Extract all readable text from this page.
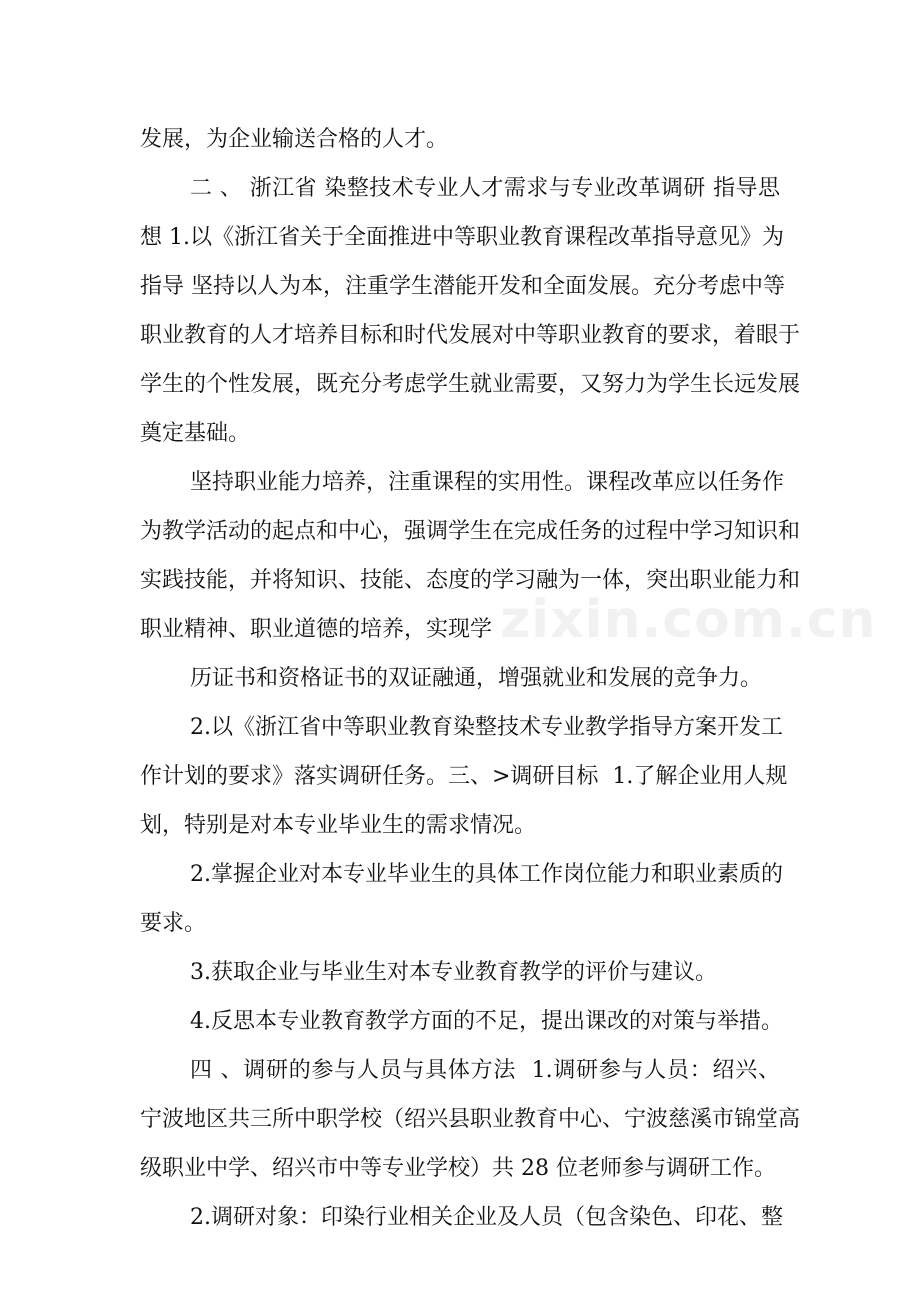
zixin.com.cn
发展，为企业输送合格的人才。
二 、 浙江省 染整技术专业人才需求与专业改革调研 指导思
想 1.以《浙江省关于全面推进中等职业教育课程改革指导意见》为
指导 坚持以人为本，注重学生潜能开发和全面发展。充分考虑中等
职业教育的人才培养目标和时代发展对中等职业教育的要求，着眼于
学生的个性发展，既充分考虑学生就业需要，又努力为学生长远发展
奠定基础。
坚持职业能力培养，注重课程的实用性。课程改革应以任务作
为教学活动的起点和中心，强调学生在完成任务的过程中学习知识和
实践技能，并将知识、技能、态度的学习融为一体，突出职业能力和
职业精神、职业道德的培养，实现学
历证书和资格证书的双证融通，增强就业和发展的竞争力。
2.以《浙江省中等职业教育染整技术专业教学指导方案开发工
作计划的要求》落实调研任务。三、>调研目标  1.了解企业用人规
划，特别是对本专业毕业生的需求情况。
2.掌握企业对本专业毕业生的具体工作岗位能力和职业素质的
要求。
3.获取企业与毕业生对本专业教育教学的评价与建议。
4.反思本专业教育教学方面的不足，提出课改的对策与举措。
四 、调研的参与人员与具体方法  1.调研参与人员：绍兴、
宁波地区共三所中职学校（绍兴县职业教育中心、宁波慈溪市锦堂高
级职业中学、绍兴市中等专业学校）共 28 位老师参与调研工作。
2.调研对象：印染行业相关企业及人员（包含染色、印花、整
